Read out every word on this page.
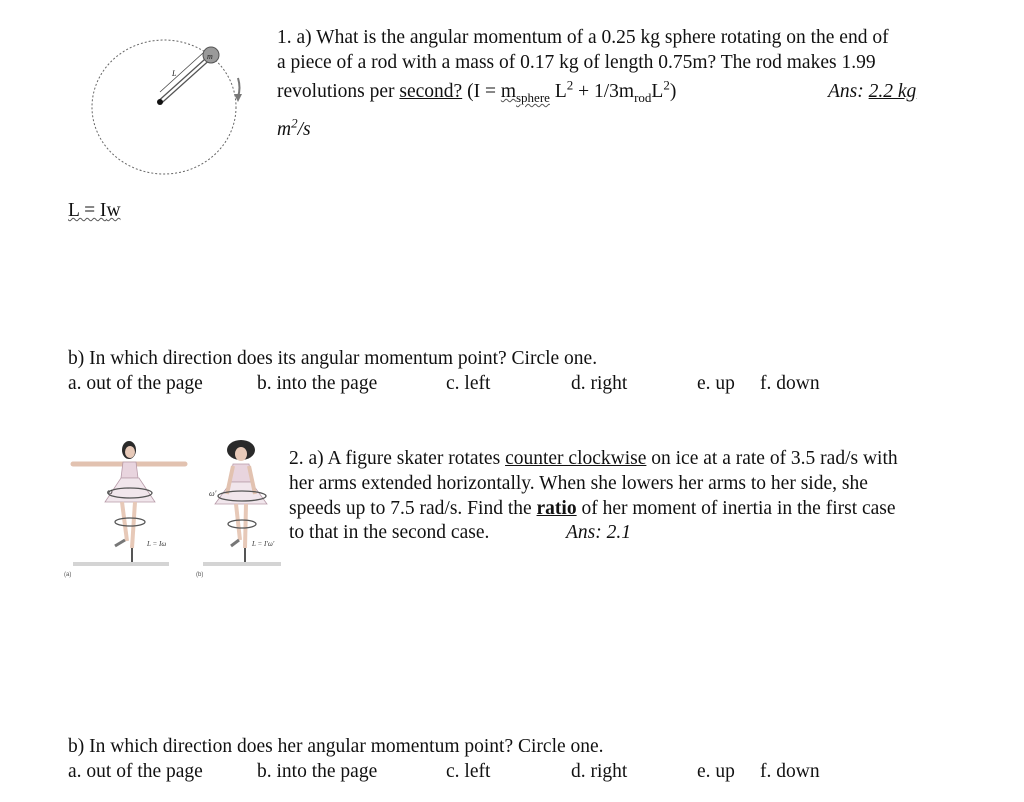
m
L
1. a) What is the angular momentum of a 0.25 kg sphere rotating on the end of
a piece of a rod with a mass of 0.17 kg of length 0.75m? The rod makes 1.99
revolutions per second? ($I = m_{sphere}$ $L^2 + 1/3m_{rod}L^2$)	Ans: 2.2 kg
$m^2/s$
L = Iw
b) In which direction does its angular momentum point? Circle one.
a. out of the page	b. into the page	c. left	d. right	e. up f. down
ω	ω′
L = Iω	L = I′ω′
(a)	(b)
2. a) A figure skater rotates counter clockwise on ice at a rate of 3.5 rad/s with
her arms extended horizontally. When she lowers her arms to her side, she
speeds up to 7.5 rad/s. Find the ratio of her moment of inertia in the first case
to that in the second case.	Ans: 2.1
b) In which direction does her angular momentum point? Circle one.
a. out of the page	b. into the page	c. left	d. right	e. up f. down
